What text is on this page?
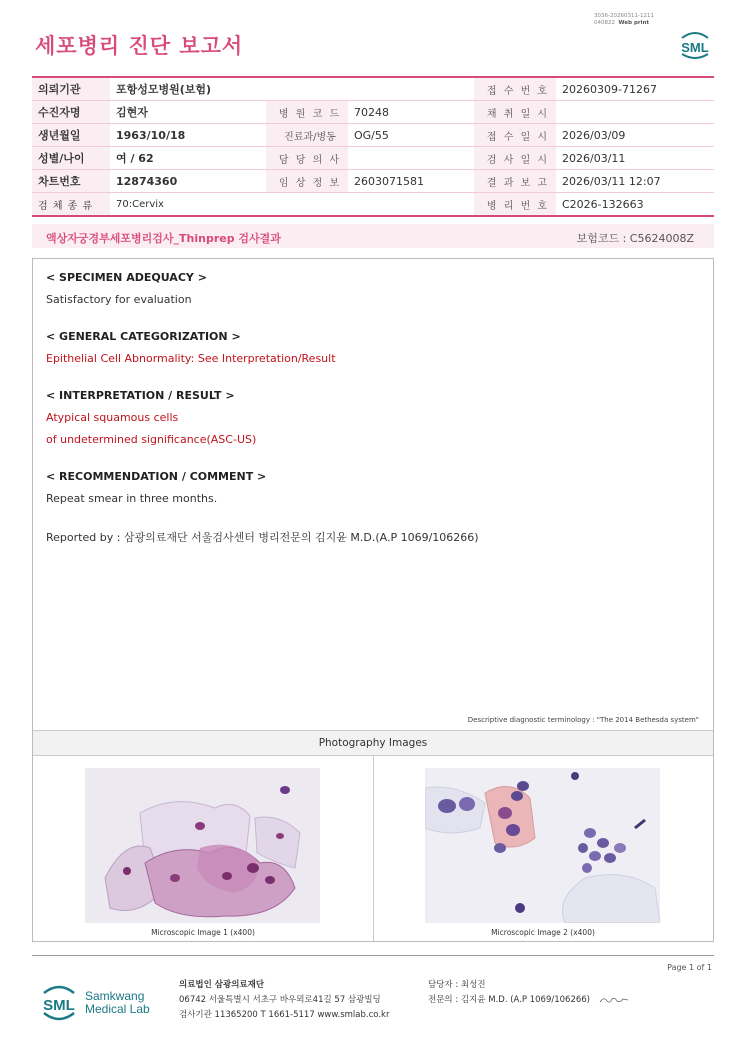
세포병리 진단 보고서
3036-20260311-1211
040822 Web print
SML
의뢰기관	포항성모병원(보험)			접 수 번 호	20260309-71267
수진자명	김현자	병 원 코 드	70248	채 취 일 시	
생년월일	1963/10/18	진료과/병동	OG/55	접 수 일 시	2026/03/09
성별/나이	여 / 62	담 당 의 사		검 사 일 시	2026/03/11
차트번호	12874360	임 상 정 보	2603071581	결 과 보 고	2026/03/11 12:07
검 체 종 류	70:Cervix			병 리 번 호	C2026-132663
액상자궁경부세포병리검사_Thinprep 검사결과	보험코드 : C5624008Z
< SPECIMEN ADEQUACY >
Satisfactory for evaluation
< GENERAL CATEGORIZATION >
Epithelial Cell Abnormality: See Interpretation/Result
< INTERPRETATION / RESULT >
Atypical squamous cells
of undetermined significance(ASC-US)
< RECOMMENDATION / COMMENT >
Repeat smear in three months.
Reported by : 삼광의료재단 서울검사센터 병리전문의 김지윤 M.D.(A.P 1069/106266)
Descriptive diagnostic terminology : "The 2014 Bethesda system"
Photography Images
Microscopic Image 1 (x400)	Microscopic Image 2 (x400)
Page 1 of 1
SML
Samkwang
Medical Lab
의료법인 삼광의료재단
06742 서울특별시 서초구 바우뫼로41길 57 삼광빌딩
검사기관 11365200 T 1661-5117 www.smlab.co.kr
담당자 : 최성진
전문의 : 김지윤 M.D. (A.P 1069/106266)
